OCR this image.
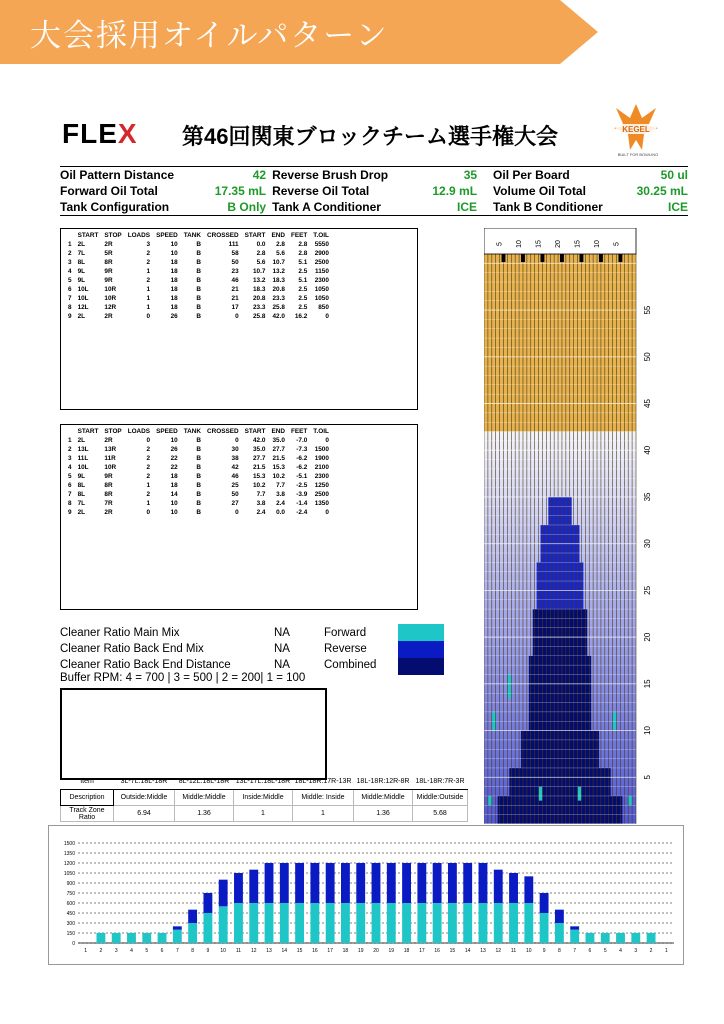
大会採用オイルパターン
FLEX 第46回関東ブロックチーム選手権大会	KEGEL
BUILT FOR BOWLING
Oil Pattern Distance	42 Reverse Brush Drop	35 Oil Per Board	50 ul
Forward Oil Total	17.35 mL Reverse Oil Total	12.9 mL Volume Oil Total	30.25 mL
Tank Configuration	B Only Tank A Conditioner	ICE Tank B Conditioner	ICE
	START	STOP	LOADS	SPEED	TANK	CROSSED	START	END	FEET	T.OIL
1	2L	2R	3	10	B	111	0.0	2.8	2.8	5550
2	7L	5R	2	10	B	58	2.8	5.6	2.8	2900
3	8L	8R	2	18	B	50	5.6	10.7	5.1	2500
4	9L	9R	1	18	B	23	10.7	13.2	2.5	1150
5	9L	9R	2	18	B	46	13.2	18.3	5.1	2300
6	10L	10R	1	18	B	21	18.3	20.8	2.5	1050
7	10L	10R	1	18	B	21	20.8	23.3	2.5	1050
8	12L	12R	1	18	B	17	23.3	25.8	2.5	850
9	2L	2R	0	26	B	0	25.8	42.0	16.2	0
	START	STOP	LOADS	SPEED	TANK	CROSSED	START	END	FEET	T.OIL
1	2L	2R	0	10	B	0	42.0	35.0	-7.0	0
2	13L	13R	2	26	B	30	35.0	27.7	-7.3	1500
3	11L	11R	2	22	B	38	27.7	21.5	-6.2	1900
4	10L	10R	2	22	B	42	21.5	15.3	-6.2	2100
5	9L	9R	2	18	B	46	15.3	10.2	-5.1	2300
6	8L	8R	1	18	B	25	10.2	7.7	-2.5	1250
7	8L	8R	2	14	B	50	7.7	3.8	-3.9	2500
8	7L	7R	1	10	B	27	3.8	2.4	-1.4	1350
9	2L	2R	0	10	B	0	2.4	0.0	-2.4	0
Cleaner Ratio Main Mix	NA	Forward
Cleaner Ratio Back End Mix	NA	Reverse
Cleaner Ratio Back End Distance	NA	Combined
Buffer RPM: 4 = 700 | 3 = 500 | 2 = 200| 1 = 100
Item	3L-7L:18L-18R	8L-12L:18L-18R	13L-17L:18L-18R	18L-18R:17R-13R	18L-18R:12R-8R	18L-18R:7R-3R
Description	Outside:Middle	Middle:Middle	Inside:Middle	Middle: Inside	Middle:Middle	Middle:Outside
Track Zone Ratio	6.94	1.36	1	1	1.36	5.68
5 10 15 20 15 10 5
55
50
45
40
35
30
25
20
15
10
5
0
150
300
450
600
750
900
1050
1200
1350
1500
1	2	3	4	5	6	7	8	9 10 11 12 13 14 15 16 17 18 19 20 19 18 17 16 15 14 13 12 11 10 9	8	7	6	5	4	3	2	1
